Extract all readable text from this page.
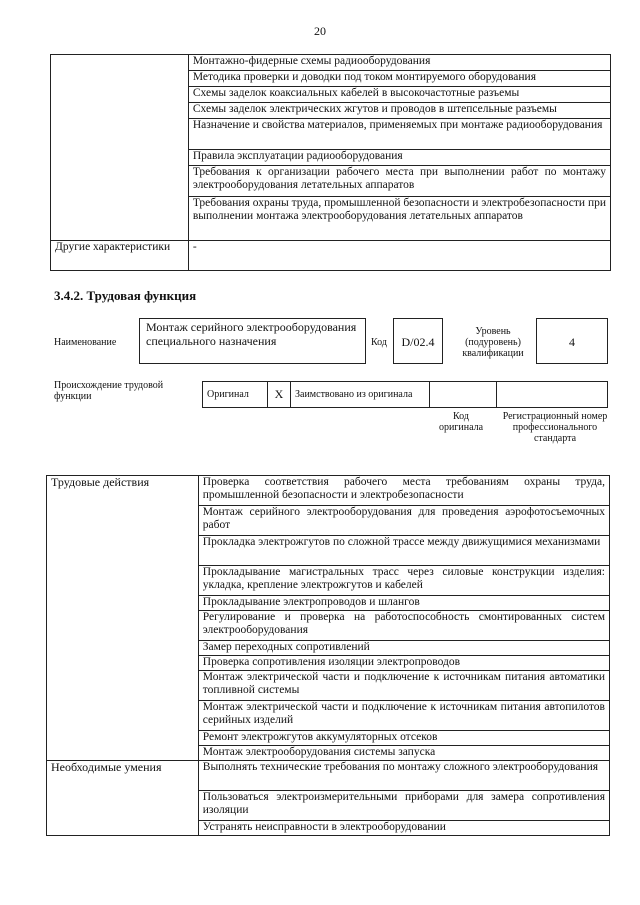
20
	Монтажно-фидерные схемы радиооборудования
	Методика проверки и доводки под током монтируемого оборудования
	Схемы заделок коаксиальных кабелей в высокочастотные разъемы
	Схемы заделок электрических жгутов и проводов в штепсельные разъемы
	Назначение и свойства материалов, применяемых при монтаже радиооборудования
	Правила эксплуатации радиооборудования
	Требования к организации рабочего места при выполнении работ по монтажу электрооборудования летательных аппаратов
	Требования охраны труда, промышленной безопасности и электробезопасности при выполнении монтажа электрооборудования летательных аппаратов
Другие характеристики	-
3.4.2. Трудовая функция
Наименование
Монтаж серийного электрооборудования специального назначения	Код	D/02.4
Уровень (подуровень) квалификации
4
Происхождение трудовой функции	Оригинал	X	Заимствовано из оригинала		
Код оригинала
Регистрационный номер профессионального стандарта
Трудовые действия	Проверка соответствия рабочего места требованиям охраны труда, промышленной безопасности и электробезопасности
	Монтаж серийного электрооборудования для проведения аэрофотосъемочных работ
	Прокладка электрожгутов по сложной трассе между движущимися механизмами
	Прокладывание магистральных трасс через силовые конструкции изделия: укладка, крепление электрожгутов и кабелей
	Прокладывание электропроводов и шлангов
	Регулирование и проверка на работоспособность смонтированных систем электрооборудования
	Замер переходных сопротивлений
	Проверка сопротивления изоляции электропроводов
	Монтаж электрической части и подключение к источникам питания автоматики топливной системы
	Монтаж электрической части и подключение к источникам питания автопилотов серийных изделий
	Ремонт электрожгутов аккумуляторных отсеков
	Монтаж электрооборудования системы запуска
Необходимые умения	Выполнять технические требования по монтажу сложного электрооборудования
	Пользоваться электроизмерительными приборами для замера сопротивления изоляции
	Устранять неисправности в электрооборудовании
